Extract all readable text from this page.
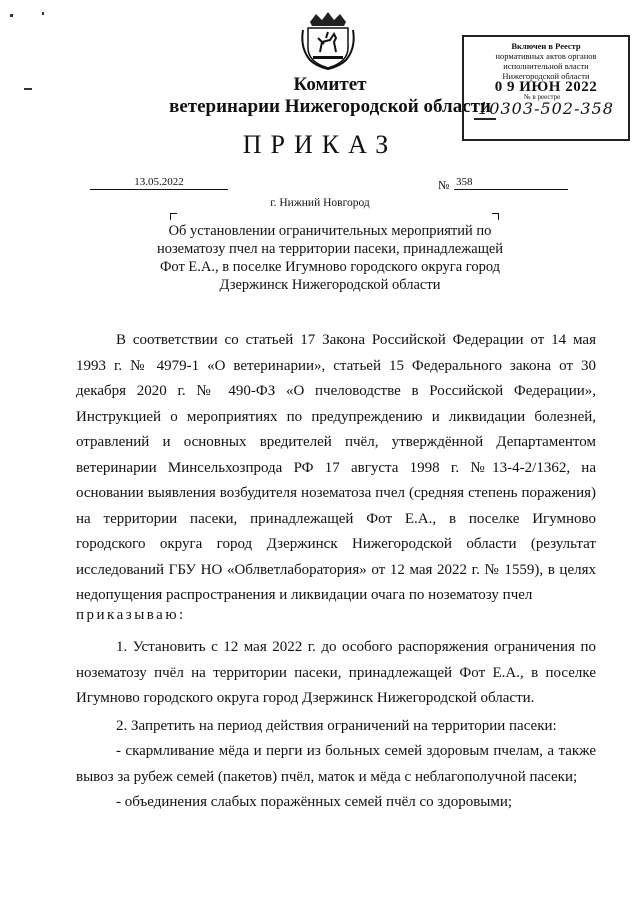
Комитет
ветеринарии Нижегородской области
ПРИКАЗ
Включен в Реестр
нормативных актов органов
исполнительной власти
Нижегородской области
0 9 ИЮН 2022
№ в реестре
10303-502-358
13.05.2022	№ 358
г. Нижний Новгород
Об установлении ограничительных мероприятий по нозематозу пчел на территории пасеки, принадлежащей Фот Е.А., в поселке Игумново городского округа город Дзержинск Нижегородской области
В соответствии со статьей 17 Закона Российской Федерации от 14 мая 1993 г. № 4979-1 «О ветеринарии», статьей 15 Федерального закона от 30 декабря 2020 г. № 490-ФЗ «О пчеловодстве в Российской Федерации», Инструкцией о мероприятиях по предупреждению и ликвидации болезней, отравлений и основных вредителей пчёл, утверждённой Департаментом ветеринарии Минсельхозпрода РФ 17 августа 1998 г. №13-4-2/1362, на основании выявления возбудителя нозематоза пчел (средняя степень поражения) на территории пасеки, принадлежащей Фот Е.А., в поселке Игумново городского округа город Дзержинск Нижегородской области (результат исследований ГБУ НО «Облветлаборатория» от 12 мая 2022 г. № 1559), в целях недопущения распространения и ликвидации очага по нозематозу пчел
приказываю:
1. Установить с 12 мая 2022 г. до особого распоряжения ограничения по нозематозу пчёл на территории пасеки, принадлежащей Фот Е.А., в поселке Игумново городского округа город Дзержинск Нижегородской области.
2. Запретить на период действия ограничений на территории пасеки:
- скармливание мёда и перги из больных семей здоровым пчелам, а также вывоз за рубеж семей (пакетов) пчёл, маток и мёда с неблагополучной пасеки;
- объединения слабых поражённых семей пчёл со здоровыми;
